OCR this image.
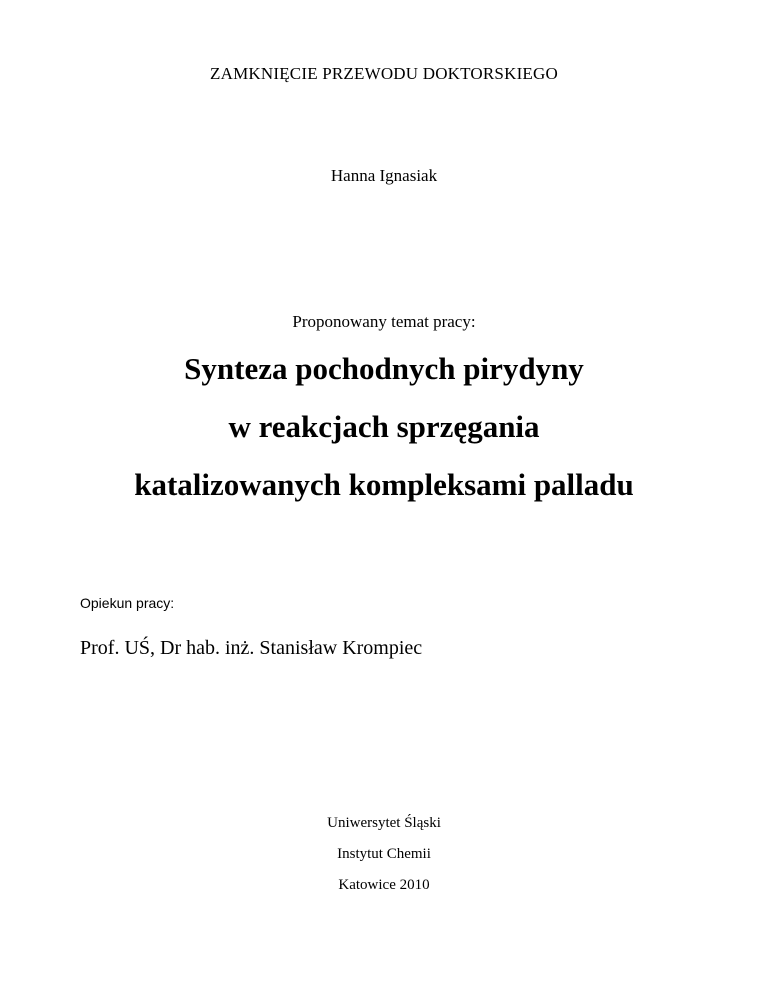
ZAMKNIĘCIE PRZEWODU DOKTORSKIEGO
Hanna Ignasiak
Proponowany temat pracy:
Synteza pochodnych pirydyny
w reakcjach sprzęgania
katalizowanych kompleksami palladu
Opiekun pracy:
Prof. UŚ, Dr hab. inż. Stanisław Krompiec
Uniwersytet Śląski
Instytut Chemii
Katowice 2010
